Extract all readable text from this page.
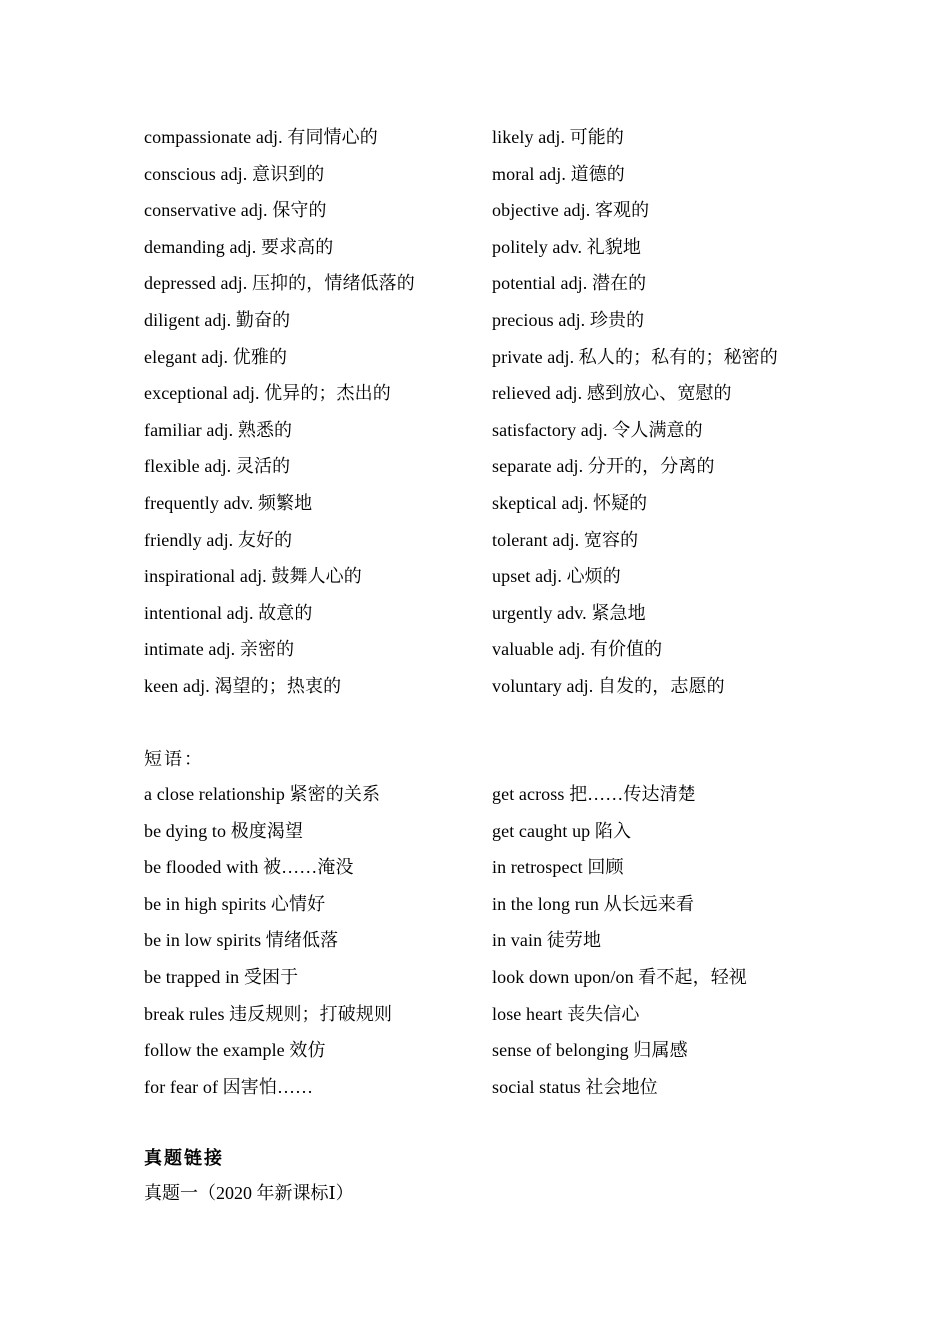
compassionate adj. 有同情心的	likely adj. 可能的
conscious adj. 意识到的	moral adj. 道德的
conservative adj. 保守的	objective adj. 客观的
demanding adj. 要求高的	politely adv. 礼貌地
depressed adj. 压抑的，情绪低落的	potential adj. 潜在的
diligent adj. 勤奋的	precious adj. 珍贵的
elegant adj. 优雅的	private adj. 私人的；私有的；秘密的
exceptional adj. 优异的；杰出的	relieved adj. 感到放心、宽慰的
familiar adj. 熟悉的	satisfactory adj. 令人满意的
flexible adj. 灵活的	separate adj. 分开的，分离的
frequently adv. 频繁地	skeptical adj. 怀疑的
friendly adj. 友好的	tolerant adj. 宽容的
inspirational adj. 鼓舞人心的	upset adj. 心烦的
intentional adj. 故意的	urgently adv. 紧急地
intimate adj. 亲密的	valuable adj. 有价值的
keen adj. 渴望的；热衷的	voluntary adj. 自发的，志愿的
短语：
a close relationship 紧密的关系	get across 把……传达清楚
be dying to 极度渴望	get caught up 陷入
be flooded with 被……淹没	in retrospect 回顾
be in high spirits 心情好	in the long run 从长远来看
be in low spirits 情绪低落	in vain 徒劳地
be trapped in 受困于	look down upon/on 看不起，轻视
break rules 违反规则；打破规则	lose heart 丧失信心
follow the example 效仿	sense of belonging 归属感
for fear of 因害怕……	social status 社会地位
真题链接
真题一（2020 年新课标Ⅰ）
